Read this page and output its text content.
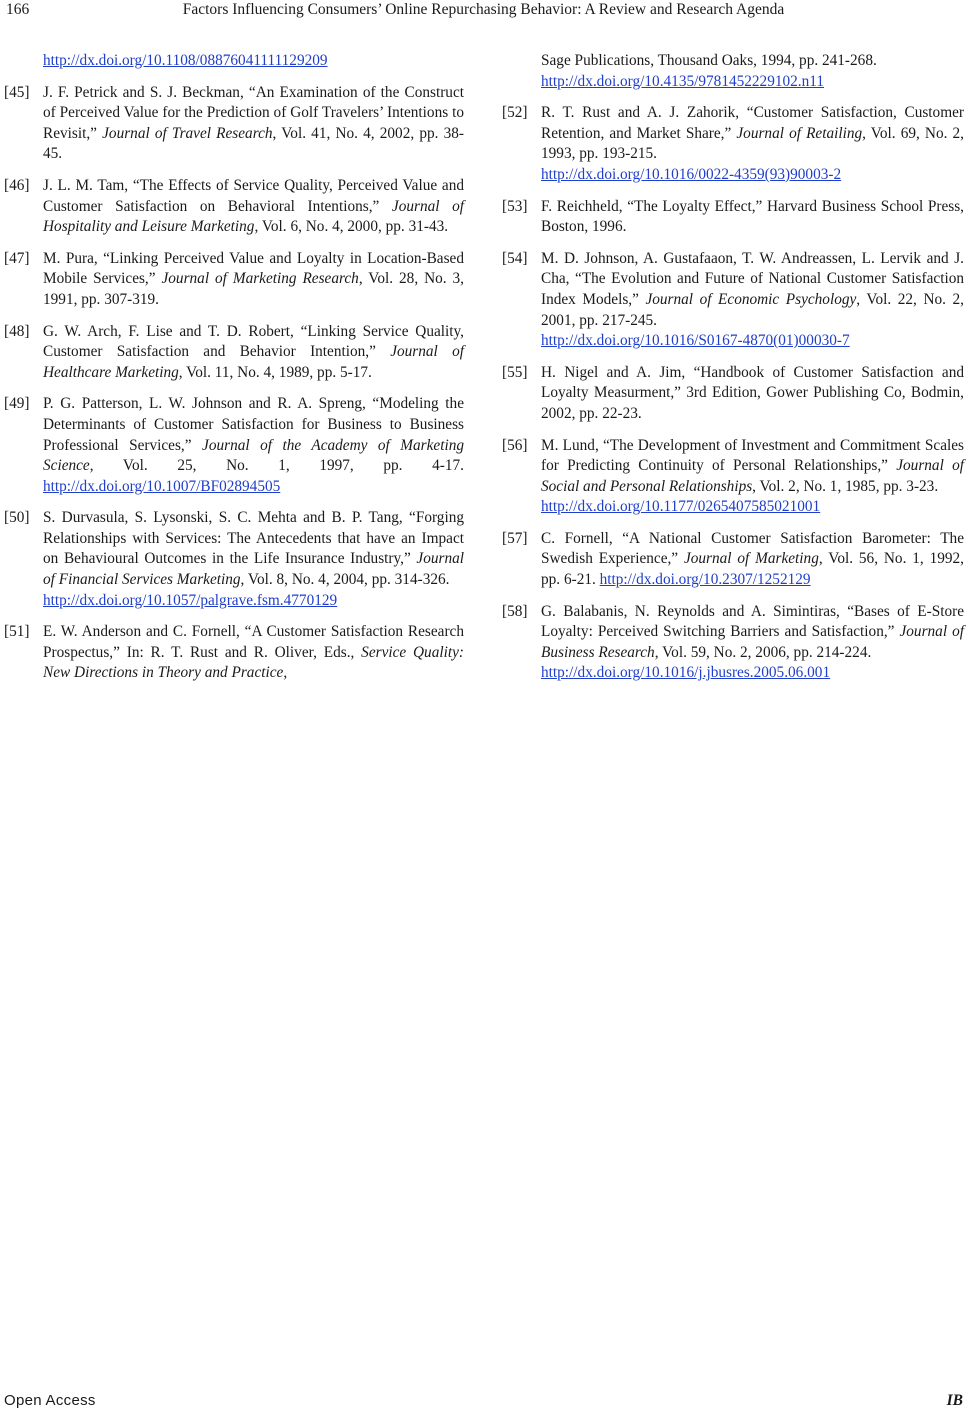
166	Factors Influencing Consumers’ Online Repurchasing Behavior: A Review and Research Agenda
http://dx.doi.org/10.1108/08876041111129209
[45] J. F. Petrick and S. J. Beckman, “An Examination of the Construct of Perceived Value for the Prediction of Golf Travelers’ Intentions to Revisit,” Journal of Travel Research, Vol. 41, No. 4, 2002, pp. 38-45.
[46] J. L. M. Tam, “The Effects of Service Quality, Perceived Value and Customer Satisfaction on Behavioral Intentions,” Journal of Hospitality and Leisure Marketing, Vol. 6, No. 4, 2000, pp. 31-43.
[47] M. Pura, “Linking Perceived Value and Loyalty in Location-Based Mobile Services,” Journal of Marketing Research, Vol. 28, No. 3, 1991, pp. 307-319.
[48] G. W. Arch, F. Lise and T. D. Robert, “Linking Service Quality, Customer Satisfaction and Behavior Intention,” Journal of Healthcare Marketing, Vol. 11, No. 4, 1989, pp. 5-17.
[49] P. G. Patterson, L. W. Johnson and R. A. Spreng, “Modeling the Determinants of Customer Satisfaction for Business to Business Professional Services,” Journal of the Academy of Marketing Science, Vol. 25, No. 1, 1997, pp. 4-17. http://dx.doi.org/10.1007/BF02894505
[50] S. Durvasula, S. Lysonski, S. C. Mehta and B. P. Tang, “Forging Relationships with Services: The Antecedents that have an Impact on Behavioural Outcomes in the Life Insurance Industry,” Journal of Financial Services Marketing, Vol. 8, No. 4, 2004, pp. 314-326.
http://dx.doi.org/10.1057/palgrave.fsm.4770129
[51] E. W. Anderson and C. Fornell, “A Customer Satisfaction Research Prospectus,” In: R. T. Rust and R. Oliver, Eds., Service Quality: New Directions in Theory and Practice,
Sage Publications, Thousand Oaks, 1994, pp. 241-268.
http://dx.doi.org/10.4135/9781452229102.n11
[52] R. T. Rust and A. J. Zahorik, “Customer Satisfaction, Customer Retention, and Market Share,” Journal of Retailing, Vol. 69, No. 2, 1993, pp. 193-215.
http://dx.doi.org/10.1016/0022-4359(93)90003-2
[53] F. Reichheld, “The Loyalty Effect,” Harvard Business School Press, Boston, 1996.
[54] M. D. Johnson, A. Gustafaaon, T. W. Andreassen, L. Lervik and J. Cha, “The Evolution and Future of National Customer Satisfaction Index Models,” Journal of Economic Psychology, Vol. 22, No. 2, 2001, pp. 217-245.
http://dx.doi.org/10.1016/S0167-4870(01)00030-7
[55] H. Nigel and A. Jim, “Handbook of Customer Satisfaction and Loyalty Measurment,” 3rd Edition, Gower Publishing Co, Bodmin, 2002, pp. 22-23.
[56] M. Lund, “The Development of Investment and Commitment Scales for Predicting Continuity of Personal Relationships,” Journal of Social and Personal Relationships, Vol. 2, No. 1, 1985, pp. 3-23.
http://dx.doi.org/10.1177/0265407585021001
[57] C. Fornell, “A National Customer Satisfaction Barometer: The Swedish Experience,” Journal of Marketing, Vol. 56, No. 1, 1992, pp. 6-21. http://dx.doi.org/10.2307/1252129
[58] G. Balabanis, N. Reynolds and A. Simintiras, “Bases of E-Store Loyalty: Perceived Switching Barriers and Satisfaction,” Journal of Business Research, Vol. 59, No. 2, 2006, pp. 214-224.
http://dx.doi.org/10.1016/j.jbusres.2005.06.001
Open Access	IB
